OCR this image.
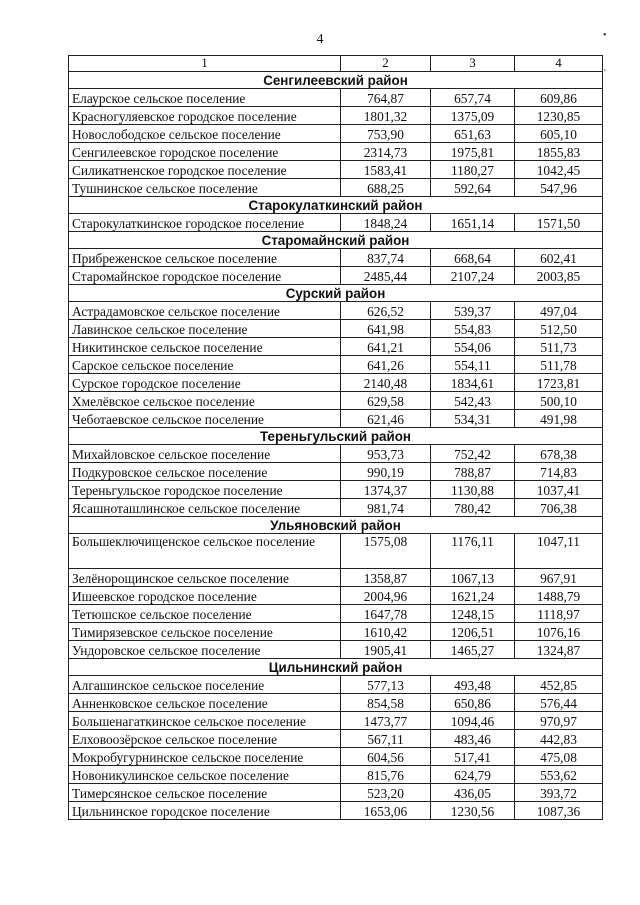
4	•
'
1	2	3	4
Сенгилеевский район			
Елаурское сельское поселение	764,87	657,74	609,86
Красногуляевское городское поселение	1801,32	1375,09	1230,85
Новослободское сельское поселение	753,90	651,63	605,10
Сенгилеевское городское поселение	2314,73	1975,81	1855,83
Силикатненское городское поселение	1583,41	1180,27	1042,45
Тушнинское сельское поселение	688,25	592,64	547,96
Старокулаткинский район			
Старокулаткинское городское поселение	1848,24	1651,14	1571,50
Старомайнский район			
Прибреженское сельское поселение	837,74	668,64	602,41
Старомайнское городское поселение	2485,44	2107,24	2003,85
Сурский район			
Астрадамовское сельское поселение	626,52	539,37	497,04
Лавинское сельское поселение	641,98	554,83	512,50
Никитинское сельское поселение	641,21	554,06	511,73
Сарское сельское поселение	641,26	554,11	511,78
Сурское городское поселение	2140,48	1834,61	1723,81
Хмелёвское сельское поселение	629,58	542,43	500,10
Чеботаевское сельское поселение	621,46	534,31	491,98
Тереньгульский район			
Михайловское сельское поселение	953,73	752,42	678,38
Подкуровское сельское поселение	990,19	788,87	714,83
Тереньгульское городское поселение	1374,37	1130,88	1037,41
Ясашноташлинское сельское поселение	981,74	780,42	706,38
Ульяновский район			
Большеключищенское сельское поселение	1575,08	1176,11	1047,11
Зелёнорощинское сельское поселение	1358,87	1067,13	967,91
Ишеевское городское поселение	2004,96	1621,24	1488,79
Тетюшское сельское поселение	1647,78	1248,15	1118,97
Тимирязевское сельское поселение	1610,42	1206,51	1076,16
Ундоровское сельское поселение	1905,41	1465,27	1324,87
Цильнинский район			
Алгашинское сельское поселение	577,13	493,48	452,85
Анненковское сельское поселение	854,58	650,86	576,44
Большенагаткинское сельское поселение	1473,77	1094,46	970,97
Елховоозёрское сельское поселение	567,11	483,46	442,83
Мокробугурнинское сельское поселение	604,56	517,41	475,08
Новоникулинское сельское поселение	815,76	624,79	553,62
Тимерсянское сельское поселение	523,20	436,05	393,72
Цильнинское городское поселение	1653,06	1230,56	1087,36
